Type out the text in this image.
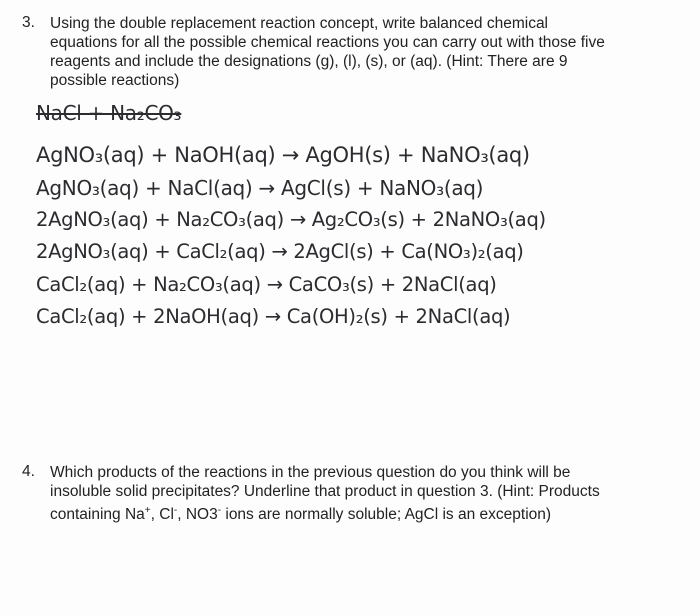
3. Using the double replacement reaction concept, write balanced chemical
equations for all the possible chemical reactions you can carry out with those five
reagents and include the designations (g), (l), (s), or (aq). (Hint: There are 9
possible reactions)
NaCl + Na₂CO₃
AgNO₃(aq) + NaOH(aq) → AgOH(s) + NaNO₃(aq)
AgNO₃(aq) + NaCl(aq) → AgCl(s) + NaNO₃(aq)
2AgNO₃(aq) + Na₂CO₃(aq) → Ag₂CO₃(s) + 2NaNO₃(aq)
2AgNO₃(aq) + CaCl₂(aq) → 2AgCl(s) + Ca(NO₃)₂(aq)
CaCl₂(aq) + Na₂CO₃(aq) → CaCO₃(s) + 2NaCl(aq)
CaCl₂(aq) + 2NaOH(aq) → Ca(OH)₂(s) + 2NaCl(aq)
4. Which products of the reactions in the previous question do you think will be
insoluble solid precipitates? Underline that product in question 3. (Hint: Products
containing Na+, Cl-, NO3- ions are normally soluble; AgCl is an exception)
